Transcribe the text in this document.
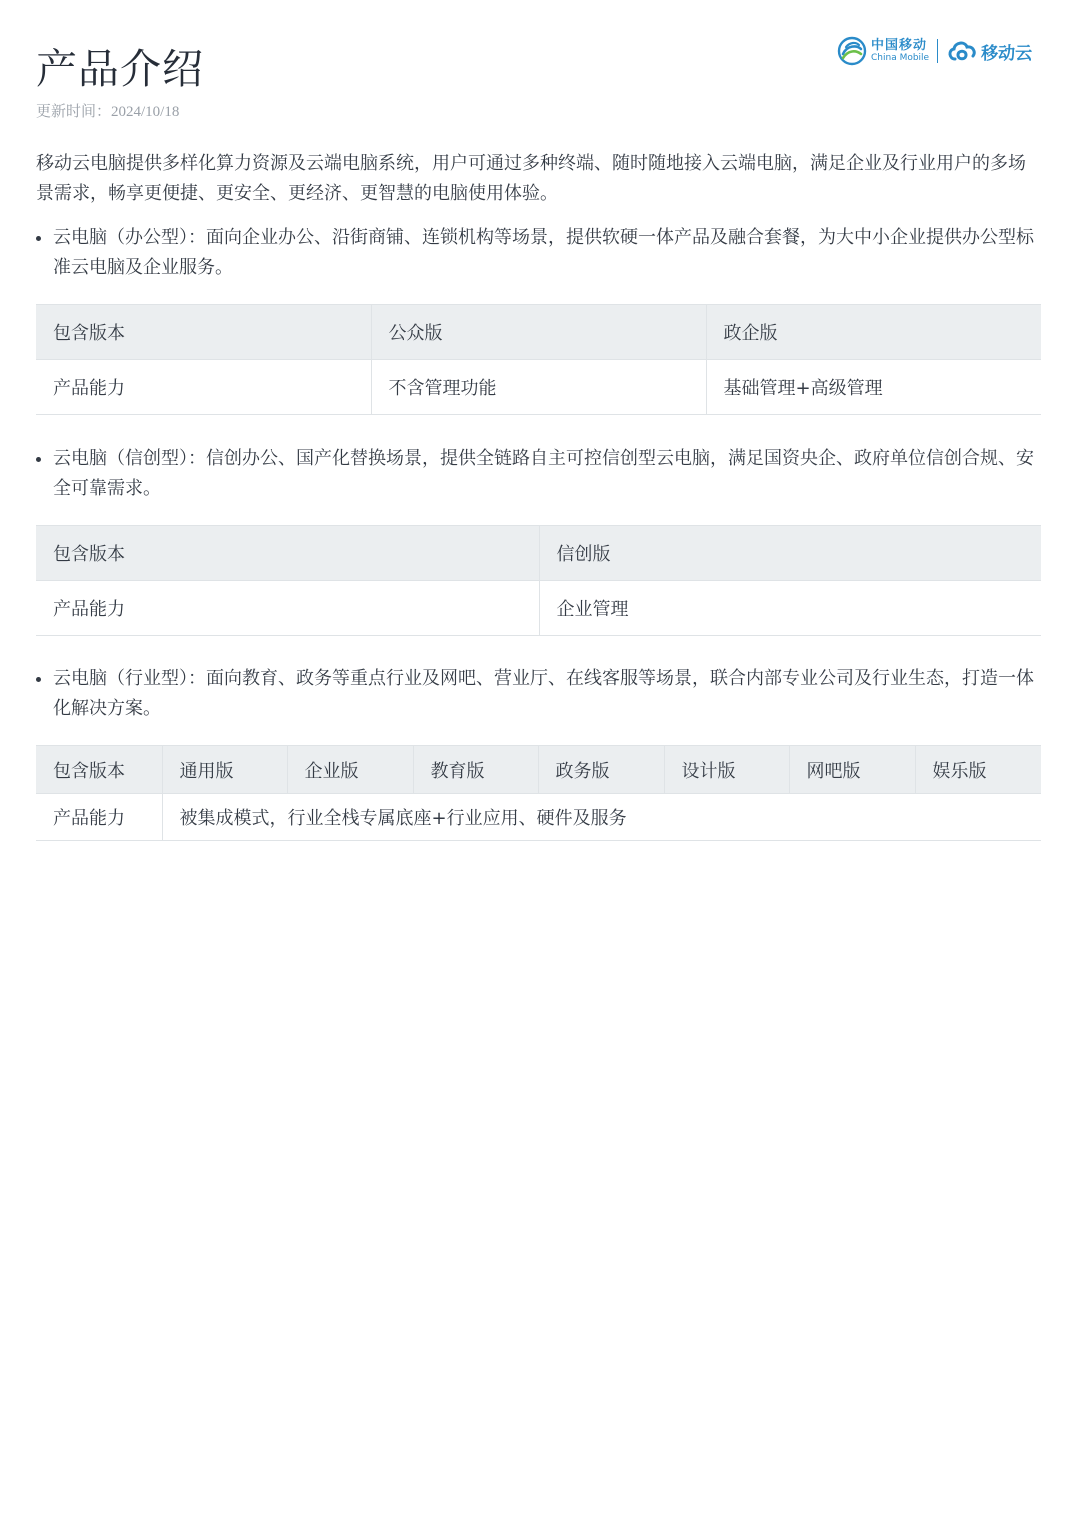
产品介绍
更新时间：2024/10/18
中国移动
China Mobile	移动云

移动云电脑提供多样化算力资源及云端电脑系统，用户可通过多种终端、随时随地接入云端电脑，满足企业及行业用户的多场景需求，畅享更便捷、更安全、更经济、更智慧的电脑使用体验。

云电脑（办公型）：面向企业办公、沿街商铺、连锁机构等场景，提供软硬一体产品及融合套餐，为大中小企业提供办公型标准云电脑及企业服务。
包含版本	公众版	政企版
产品能力	不含管理功能	基础管理+高级管理
云电脑（信创型）：信创办公、国产化替换场景，提供全链路自主可控信创型云电脑，满足国资央企、政府单位信创合规、安全可靠需求。
包含版本	信创版
产品能力	企业管理
云电脑（行业型）：面向教育、政务等重点行业及网吧、营业厅、在线客服等场景，联合内部专业公司及行业生态，打造一体化解决方案。
包含版本	通用版	企业版	教育版	政务版	设计版	网吧版	娱乐版
产品能力	被集成模式，行业全栈专属底座+行业应用、硬件及服务						
